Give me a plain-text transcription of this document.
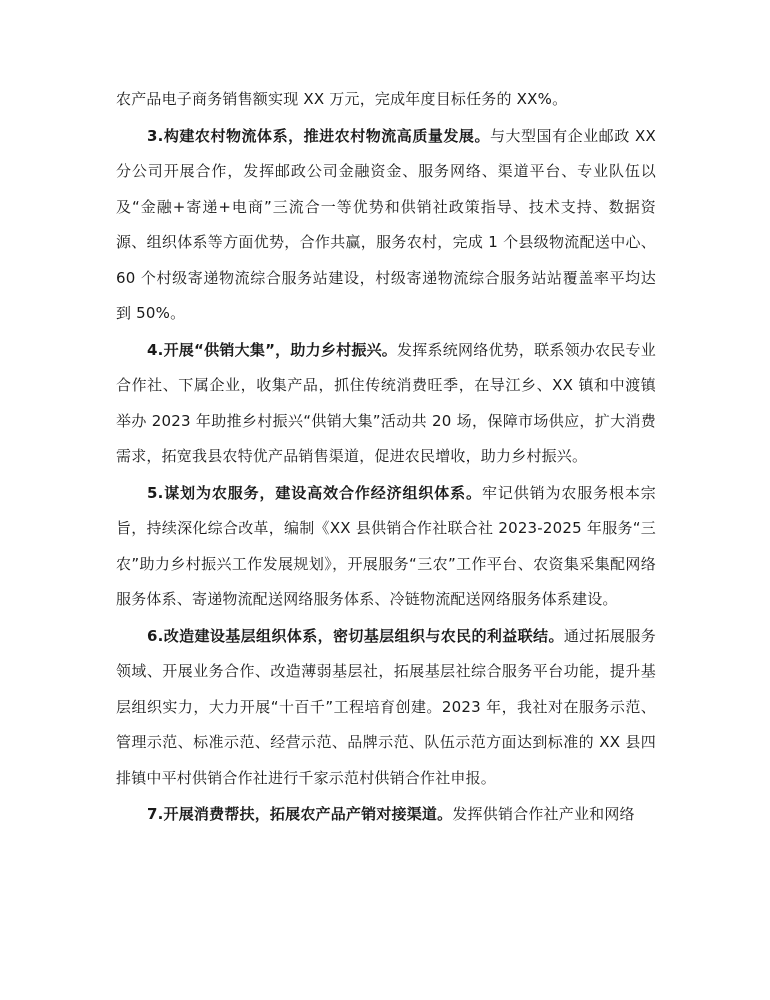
农产品电子商务销售额实现 XX 万元，完成年度目标任务的 XX%。

3.构建农村物流体系，推进农村物流高质量发展。与大型国有企业邮政 XX 分公司开展合作，发挥邮政公司金融资金、服务网络、渠道平台、专业队伍以及“金融+寄递+电商”三流合一等优势和供销社政策指导、技术支持、数据资源、组织体系等方面优势，合作共赢，服务农村，完成 1 个县级物流配送中心、60 个村级寄递物流综合服务站建设，村级寄递物流综合服务站站覆盖率平均达到 50%。

4.开展“供销大集”，助力乡村振兴。发挥系统网络优势，联系领办农民专业合作社、下属企业，收集产品，抓住传统消费旺季，在导江乡、XX 镇和中渡镇举办 2023 年助推乡村振兴“供销大集”活动共 20 场，保障市场供应，扩大消费需求，拓宽我县农特优产品销售渠道，促进农民增收，助力乡村振兴。

5.谋划为农服务，建设高效合作经济组织体系。牢记供销为农服务根本宗旨，持续深化综合改革，编制《XX 县供销合作社联合社 2023-2025 年服务“三农”助力乡村振兴工作发展规划》，开展服务“三农”工作平台、农资集采集配网络服务体系、寄递物流配送网络服务体系、冷链物流配送网络服务体系建设。

6.改造建设基层组织体系，密切基层组织与农民的利益联结。通过拓展服务领域、开展业务合作、改造薄弱基层社，拓展基层社综合服务平台功能，提升基层组织实力，大力开展“十百千”工程培育创建。2023 年，我社对在服务示范、管理示范、标准示范、经营示范、品牌示范、队伍示范方面达到标准的 XX 县四排镇中平村供销合作社进行千家示范村供销合作社申报。

7.开展消费帮扶，拓展农产品产销对接渠道。发挥供销合作社产业和网络
